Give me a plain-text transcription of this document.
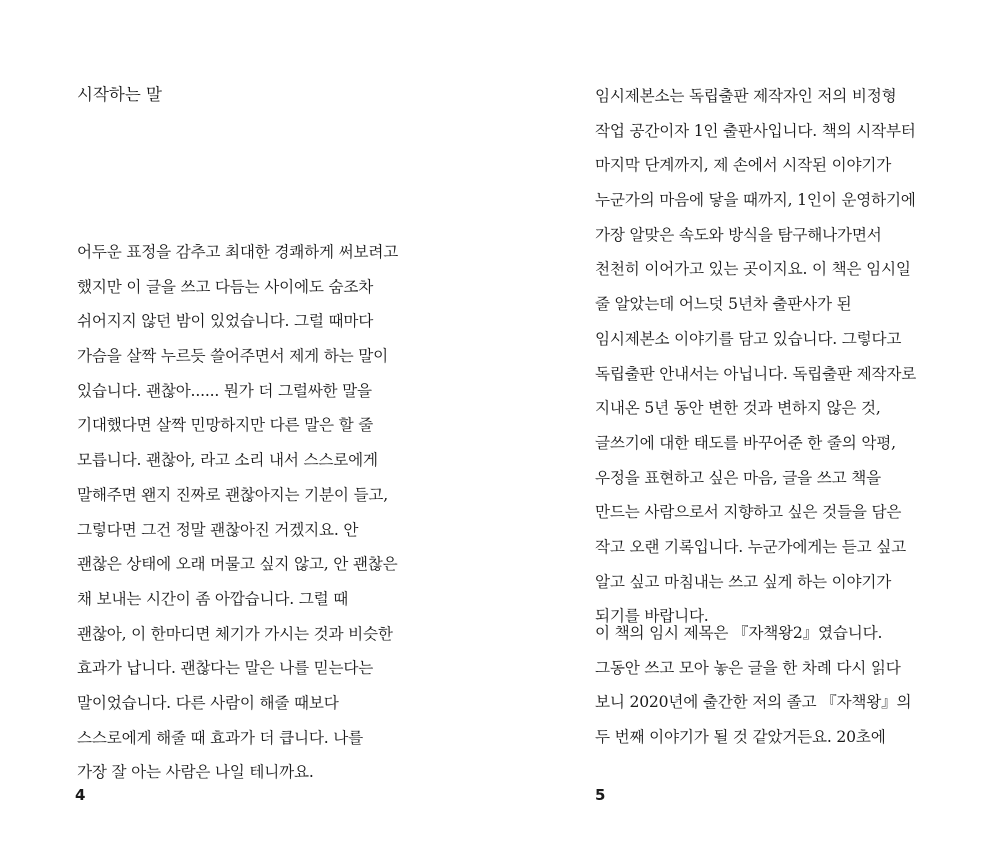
시작하는 말
어두운 표정을 감추고 최대한 경쾌하게 써보려고
했지만 이 글을 쓰고 다듬는 사이에도 숨조차
쉬어지지 않던 밤이 있었습니다. 그럴 때마다
가슴을 살짝 누르듯 쓸어주면서 제게 하는 말이
있습니다. 괜찮아...... 뭔가 더 그럴싸한 말을
기대했다면 살짝 민망하지만 다른 말은 할 줄
모릅니다. 괜찮아, 라고 소리 내서 스스로에게
말해주면 왠지 진짜로 괜찮아지는 기분이 들고,
그렇다면 그건 정말 괜찮아진 거겠지요. 안
괜찮은 상태에 오래 머물고 싶지 않고, 안 괜찮은
채 보내는 시간이 좀 아깝습니다. 그럴 때
괜찮아, 이 한마디면 체기가 가시는 것과 비슷한
효과가 납니다. 괜찮다는 말은 나를 믿는다는
말이었습니다. 다른 사람이 해줄 때보다
스스로에게 해줄 때 효과가 더 큽니다. 나를
가장 잘 아는 사람은 나일 테니까요.

4

임시제본소는 독립출판 제작자인 저의 비정형
작업 공간이자 1인 출판사입니다. 책의 시작부터
마지막 단계까지, 제 손에서 시작된 이야기가
누군가의 마음에 닿을 때까지, 1인이 운영하기에
가장 알맞은 속도와 방식을 탐구해나가면서
천천히 이어가고 있는 곳이지요. 이 책은 임시일
줄 알았는데 어느덧 5년차 출판사가 된
임시제본소 이야기를 담고 있습니다. 그렇다고
독립출판 안내서는 아닙니다. 독립출판 제작자로
지내온 5년 동안 변한 것과 변하지 않은 것,
글쓰기에 대한 태도를 바꾸어준 한 줄의 악평,
우정을 표현하고 싶은 마음, 글을 쓰고 책을
만드는 사람으로서 지향하고 싶은 것들을 담은
작고 오랜 기록입니다. 누군가에게는 듣고 싶고
알고 싶고 마침내는 쓰고 싶게 하는 이야기가
되기를 바랍니다.
이 책의 임시 제목은 『자책왕2』였습니다.
그동안 쓰고 모아 놓은 글을 한 차례 다시 읽다
보니 2020년에 출간한 저의 졸고 『자책왕』의
두 번째 이야기가 될 것 같았거든요. 20초에

5
